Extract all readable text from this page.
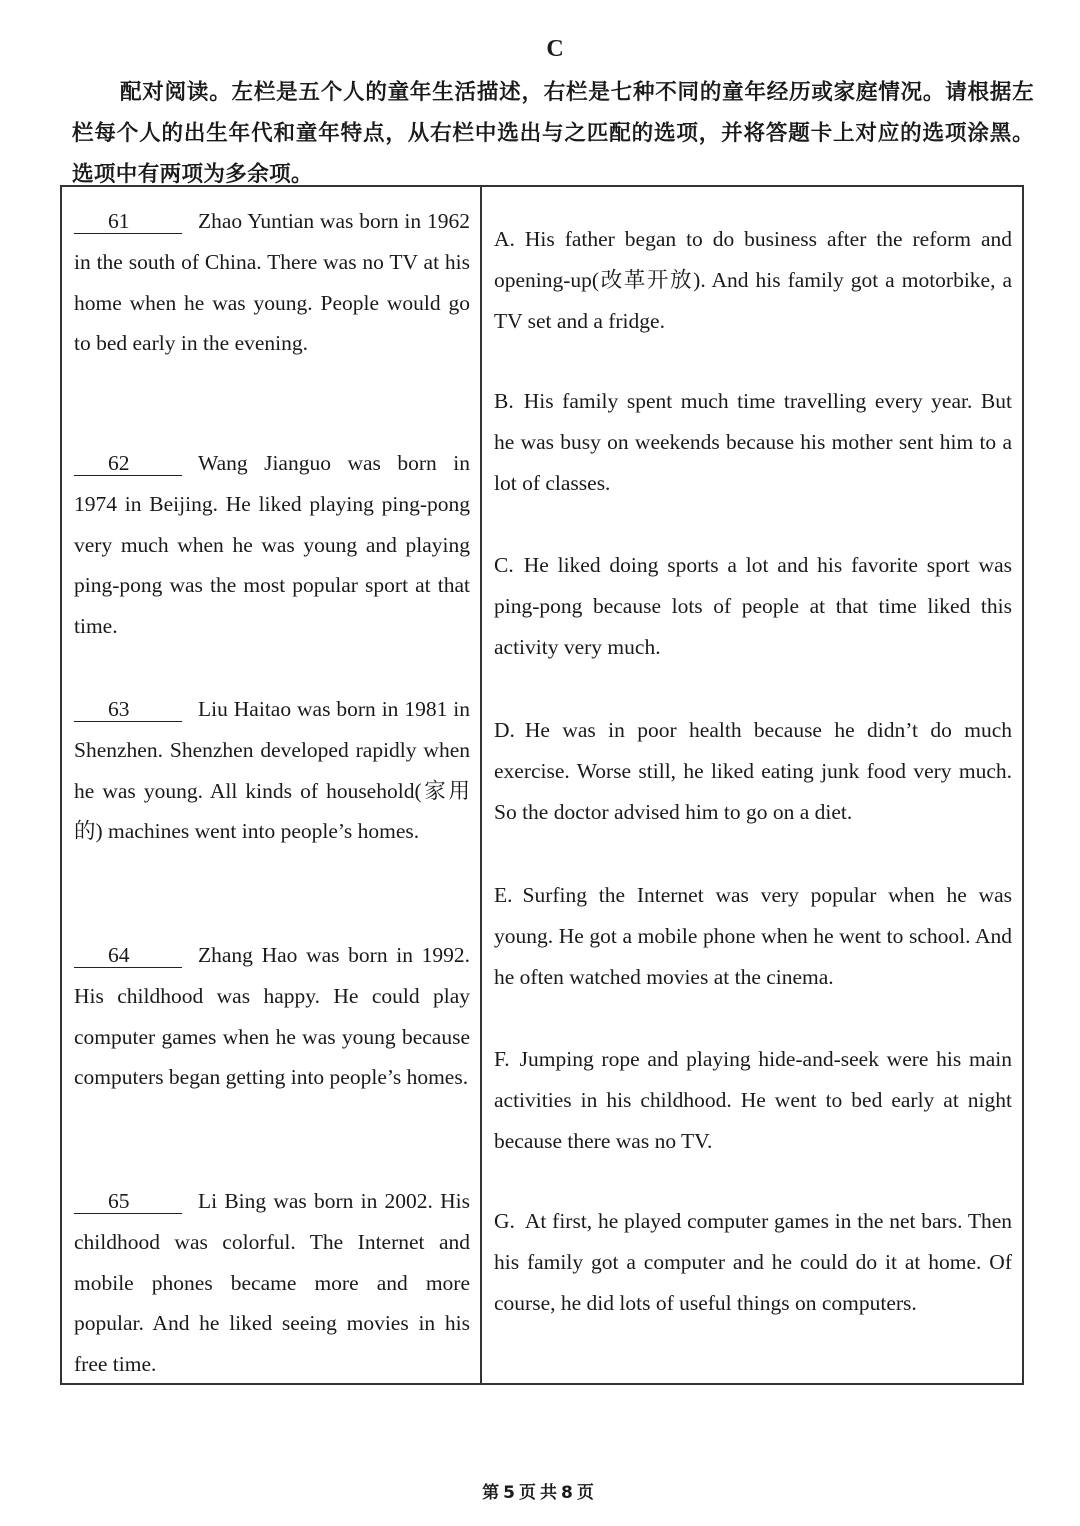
C
配对阅读。左栏是五个人的童年生活描述，右栏是七种不同的童年经历或家庭情况。请根据左栏每个人的出生年代和童年特点，从右栏中选出与之匹配的选项，并将答题卡上对应的选项涂黑。选项中有两项为多余项。
61	Zhao Yuntian was born in 1962 in the south of China. There was no TV at his home when he was young. People would go to bed early in the evening.
62	Wang Jianguo was born in 1974 in Beijing. He liked playing ping-pong very much when he was young and playing ping-pong was the most popular sport at that time.
63	Liu Haitao was born in 1981 in Shenzhen. Shenzhen developed rapidly when he was young. All kinds of household(家用的) machines went into people’s homes.
64	Zhang Hao was born in 1992. His childhood was happy. He could play computer games when he was young because computers began getting into people’s homes.
65	Li Bing was born in 2002. His childhood was colorful. The Internet and mobile phones became more and more popular. And he liked seeing movies in his free time.
A. His father began to do business after the reform and opening-up(改革开放). And his family got a motorbike, a TV set and a fridge.
B. His family spent much time travelling every year. But he was busy on weekends because his mother sent him to a lot of classes.
C. He liked doing sports a lot and his favorite sport was ping-pong because lots of people at that time liked this activity very much.
D. He was in poor health because he didn’t do much exercise. Worse still, he liked eating junk food very much. So the doctor advised him to go on a diet.
E. Surfing the Internet was very popular when he was young. He got a mobile phone when he went to school. And he often watched movies at the cinema.
F. Jumping rope and playing hide-and-seek were his main activities in his childhood. He went to bed early at night because there was no TV.
G. At first, he played computer games in the net bars. Then his family got a computer and he could do it at home. Of course, he did lots of useful things on computers.
第5页共8页
